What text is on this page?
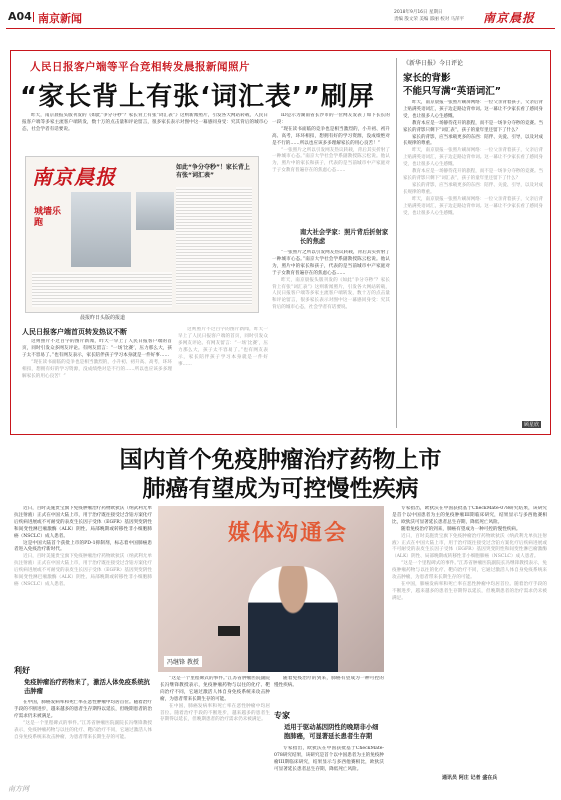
A04 南京新闻	2018年9月16日 星期日
责编 殷文荣 美编 邵丽 校对 马萍平 南京晨报
人民日报客户端等平台竞相转发晨报新闻照片
“家长背上有张‘词汇表’”刷屏

昨天，南京晨报头版刊发的《如此“争分夺秒”？家长背上有张“词汇表”》这则新闻照片，引发各大网站转载，人民日报客户端等多家主流客户端转发，数十万的点击量和评论留言，很多家长表示对图中这一幕感同身受：究其背后的城市心态，社会学者有话要说。

南京晨报	如此“争分夺秒”！家长背上有张“词汇表”
城墙乐跑
晨报昨日头版的报道
人民日报客户端首页转发热议不断

这则照片不过百字的图片新闻，昨天一早上了人民日报客户端的首页，同时引发众多网友评论。有网友留言：“一场‘比赛’，压力那么大，孩子太不容易了。”也有网友表示，家长陪伴孩子学习本身就是一件好事……

“现在读书面临的竞争也是相当激烈的，小升初、初升高、高考，环环相扣，想拥有好的学习资源，没成绩绝对是不行的……所以也应该多多理解家长的用心良苦！”

ID是示为湖南省长沙市的一位网友发表了如下长长的一段：

“现在读书面临的竞争也是相当激烈的，小升初、初升高、高考，环环相扣，想拥有好的学习资源，没成绩绝对是不行的……所以也应该多多理解家长的用心良苦！”

“一张照片之所以引发网友热议转载，背后其实折射了一种城市心态。”南京大学社会学系副教授陈云松说。他认为，照片中的家长和孩子，代表的是当前城市中产家庭对于子女教育普遍存在的焦虑心态……

南大社会学家：照片背后折射家长的焦虑

“一张照片之所以引发网友热议转载，背后其实折射了一种城市心态。”南京大学社会学系副教授陈云松说。他认为，照片中的家长和孩子，代表的是当前城市中产家庭对于子女教育普遍存在的焦虑心态……

昨天，南京晨报头版刊发的《如此“争分夺秒”？家长背上有张“词汇表”》这则新闻照片，引发各大网站转载，人民日报客户端等多家主流客户端转发，数十万的点击量和评论留言，很多家长表示对图中这一幕感同身受：究其背后的城市心态，社会学者有话要说。

这则照片不过百字的图片新闻，昨天一早上了人民日报客户端的首页，同时引发众多网友评论。有网友留言：“一场‘比赛’，压力那么大，孩子太不容易了。”也有网友表示，家长陪伴孩子学习本身就是一件好事……

《新华日报》今日评论
家长的背影
不能只写满“英语词汇”

昨天，南京晨报一张照片刷屏网络：一位父亲背着孩子，父亲后背上贴满英语词汇，孩子边走路边背单词。这一幕让不少家长看了感同身受，也让很多人心生感慨。

教育本应是一场静待花开的旅程，而不是一场争分夺秒的竞赛。当家长的背影只剩下“词汇表”，孩子的童年里还留下了什么？

家长的背影，应当承载更多的东西：陪伴、关爱、引导，以及对成长规律的尊重。

昨天，南京晨报一张照片刷屏网络：一位父亲背着孩子，父亲后背上贴满英语词汇，孩子边走路边背单词。这一幕让不少家长看了感同身受，也让很多人心生感慨。

教育本应是一场静待花开的旅程，而不是一场争分夺秒的竞赛。当家长的背影只剩下“词汇表”，孩子的童年里还留下了什么？

家长的背影，应当承载更多的东西：陪伴、关爱、引导，以及对成长规律的尊重。

昨天，南京晨报一张照片刷屏网络：一位父亲背着孩子，父亲后背上贴满英语词汇，孩子边走路边背单词。这一幕让不少家长看了感同身受，也让很多人心生感慨。

顾星欣
国内首个免疫肿瘤治疗药物上市
肺癌有望成为可控慢性疾病

近日，百时美施贵宝旗下免疫肿瘤治疗药物欧狄沃（纳武利尤单抗注射液）正式在中国大陆上市，用于治疗既往接受过含铂方案化疗后疾病进展或不可耐受的表皮生长因子受体（EGFR）基因突变阴性和间变性淋巴瘤激酶（ALK）阴性、局部晚期或转移性非小细胞肺癌（NSCLC）成人患者。

这是中国大陆首个获批上市的PD-1抑制剂，标志着中国肺癌患者进入免疫治疗新时代。

近日，百时美施贵宝旗下免疫肿瘤治疗药物欧狄沃（纳武利尤单抗注射液）正式在中国大陆上市，用于治疗既往接受过含铂方案化疗后疾病进展或不可耐受的表皮生长因子受体（EGFR）基因突变阴性和间变性淋巴瘤激酶（ALK）阴性、局部晚期或转移性非小细胞肺癌（NSCLC）成人患者。

利好
免疫肿瘤治疗药物来了，激活人体免疫系统抗击肿瘤

在中国，肺癌发病率和死亡率在恶性肿瘤中均居首位。随着治疗手段的不断进步，越来越多的患者生存期得以延长，但晚期患者的治疗需求仍未被满足。

“这是一个里程碑式的事件。”江苏省肿瘤医院副院长冯继锋教授表示，免疫肿瘤药物与以往的化疗、靶向治疗不同，它通过激活人体自身免疫系统来攻击肿瘤，为患者带来长期生存的可能。

媒体沟通会
冯继锋 教授

“这是一个里程碑式的事件。”江苏省肿瘤医院副院长冯继锋教授表示，免疫肿瘤药物与以往的化疗、靶向治疗不同，它通过激活人体自身免疫系统来攻击肿瘤，为患者带来长期生存的可能。

在中国，肺癌发病率和死亡率在恶性肿瘤中均居首位。随着治疗手段的不断进步，越来越多的患者生存期得以延长，但晚期患者的治疗需求仍未被满足。

随着免疫治疗的到来，肺癌有望成为一种可控的慢性疾病。

专家
适用于驱动基因阴性的晚期非小细胞肺癌，可显著延长患者生存期

专家指出，欧狄沃在中国获批基于CheckMate-078研究结果，该研究是首个以中国患者为主的免疫肿瘤III期临床研究，结果显示与多西他赛相比，欧狄沃可显著延长患者总生存期，降低死亡风险。

专家指出，欧狄沃在中国获批基于CheckMate-078研究结果，该研究是首个以中国患者为主的免疫肿瘤III期临床研究，结果显示与多西他赛相比，欧狄沃可显著延长患者总生存期，降低死亡风险。

随着免疫治疗的到来，肺癌有望成为一种可控的慢性疾病。

近日，百时美施贵宝旗下免疫肿瘤治疗药物欧狄沃（纳武利尤单抗注射液）正式在中国大陆上市，用于治疗既往接受过含铂方案化疗后疾病进展或不可耐受的表皮生长因子受体（EGFR）基因突变阴性和间变性淋巴瘤激酶（ALK）阴性、局部晚期或转移性非小细胞肺癌（NSCLC）成人患者。

“这是一个里程碑式的事件。”江苏省肿瘤医院副院长冯继锋教授表示，免疫肿瘤药物与以往的化疗、靶向治疗不同，它通过激活人体自身免疫系统来攻击肿瘤，为患者带来长期生存的可能。

在中国，肺癌发病率和死亡率在恶性肿瘤中均居首位。随着治疗手段的不断进步，越来越多的患者生存期得以延长，但晚期患者的治疗需求仍未被满足。

通讯员 阿庄 记者 盛在兵
南方网
